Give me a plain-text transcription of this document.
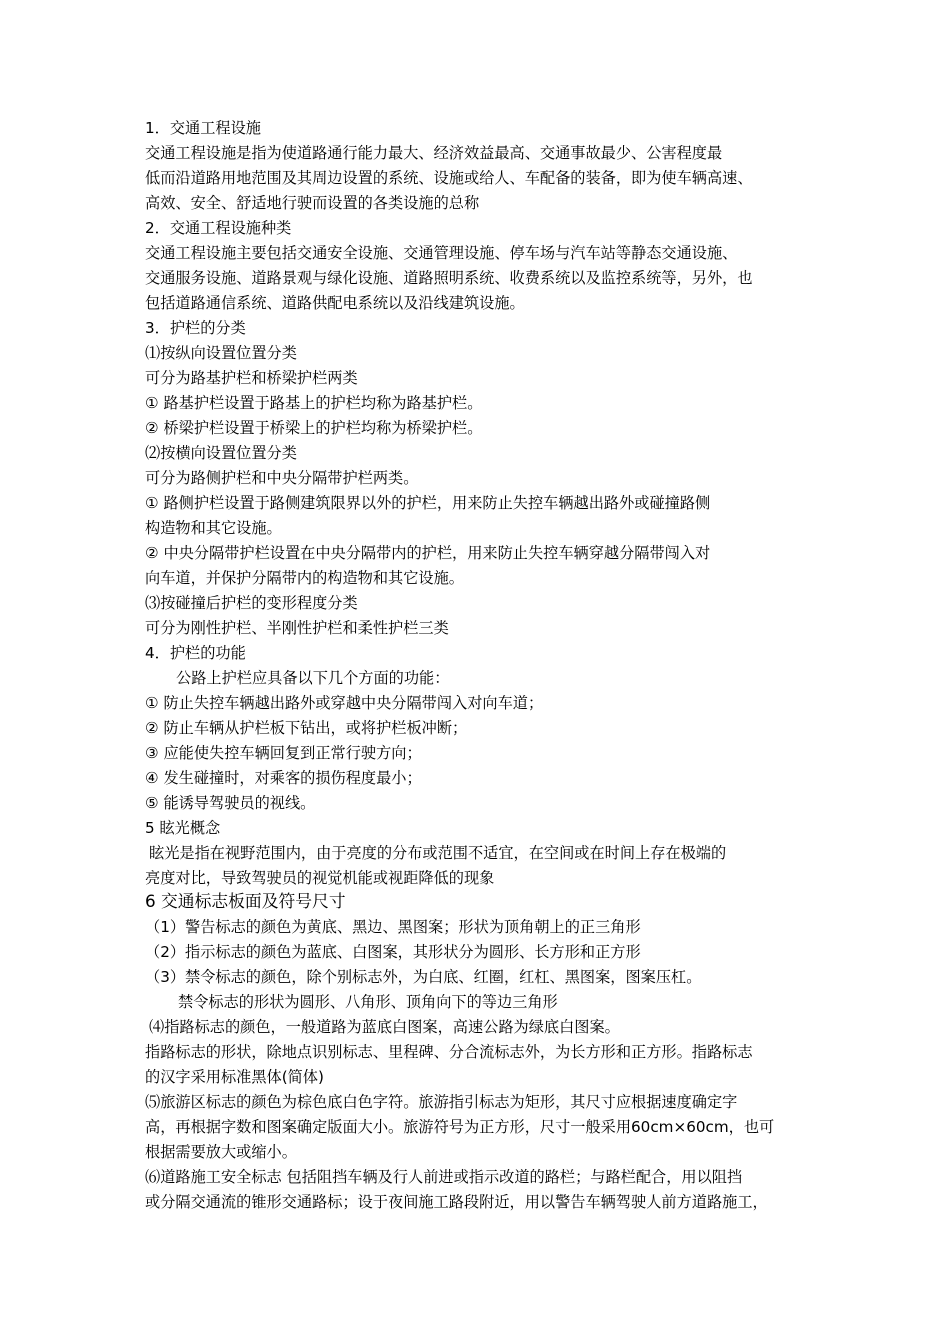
1．交通工程设施
交通工程设施是指为使道路通行能力最大、经济效益最高、交通事故最少、公害程度最
低而沿道路用地范围及其周边设置的系统、设施或给人、车配备的装备，即为使车辆高速、
高效、安全、舒适地行驶而设置的各类设施的总称
2．交通工程设施种类
交通工程设施主要包括交通安全设施、交通管理设施、停车场与汽车站等静态交通设施、
交通服务设施、道路景观与绿化设施、道路照明系统、收费系统以及监控系统等，另外，也
包括道路通信系统、道路供配电系统以及沿线建筑设施。
3．护栏的分类
⑴按纵向设置位置分类
可分为路基护栏和桥梁护栏两类
① 路基护栏设置于路基上的护栏均称为路基护栏。
② 桥梁护栏设置于桥梁上的护栏均称为桥梁护栏。
⑵按横向设置位置分类
可分为路侧护栏和中央分隔带护栏两类。
① 路侧护栏设置于路侧建筑限界以外的护栏，用来防止失控车辆越出路外或碰撞路侧
构造物和其它设施。
② 中央分隔带护栏设置在中央分隔带内的护栏，用来防止失控车辆穿越分隔带闯入对
向车道，并保护分隔带内的构造物和其它设施。
⑶按碰撞后护栏的变形程度分类
可分为刚性护栏、半刚性护栏和柔性护栏三类
4．护栏的功能
公路上护栏应具备以下几个方面的功能：
① 防止失控车辆越出路外或穿越中央分隔带闯入对向车道；
② 防止车辆从护栏板下钻出，或将护栏板冲断；
③ 应能使失控车辆回复到正常行驶方向；
④ 发生碰撞时，对乘客的损伤程度最小；
⑤ 能诱导驾驶员的视线。
5 眩光概念
眩光是指在视野范围内，由于亮度的分布或范围不适宜，在空间或在时间上存在极端的
亮度对比，导致驾驶员的视觉机能或视距降低的现象
6 交通标志板面及符号尺寸
（1）警告标志的颜色为黄底、黑边、黑图案；形状为顶角朝上的正三角形
（2）指示标志的颜色为蓝底、白图案，其形状分为圆形、长方形和正方形
（3）禁令标志的颜色，除个别标志外，为白底、红圈，红杠、黑图案，图案压杠。
禁令标志的形状为圆形、八角形、顶角向下的等边三角形
⑷指路标志的颜色，一般道路为蓝底白图案，高速公路为绿底白图案。
指路标志的形状，除地点识别标志、里程碑、分合流标志外，为长方形和正方形。指路标志
的汉字采用标准黑体(简体)
⑸旅游区标志的颜色为棕色底白色字符。旅游指引标志为矩形，其尺寸应根据速度确定字
高，再根据字数和图案确定版面大小。旅游符号为正方形，尺寸一般采用60cm×60cm，也可
根据需要放大或缩小。
⑹道路施工安全标志 包括阻挡车辆及行人前进或指示改道的路栏；与路栏配合，用以阻挡
或分隔交通流的锥形交通路标；设于夜间施工路段附近，用以警告车辆驾驶人前方道路施工，
